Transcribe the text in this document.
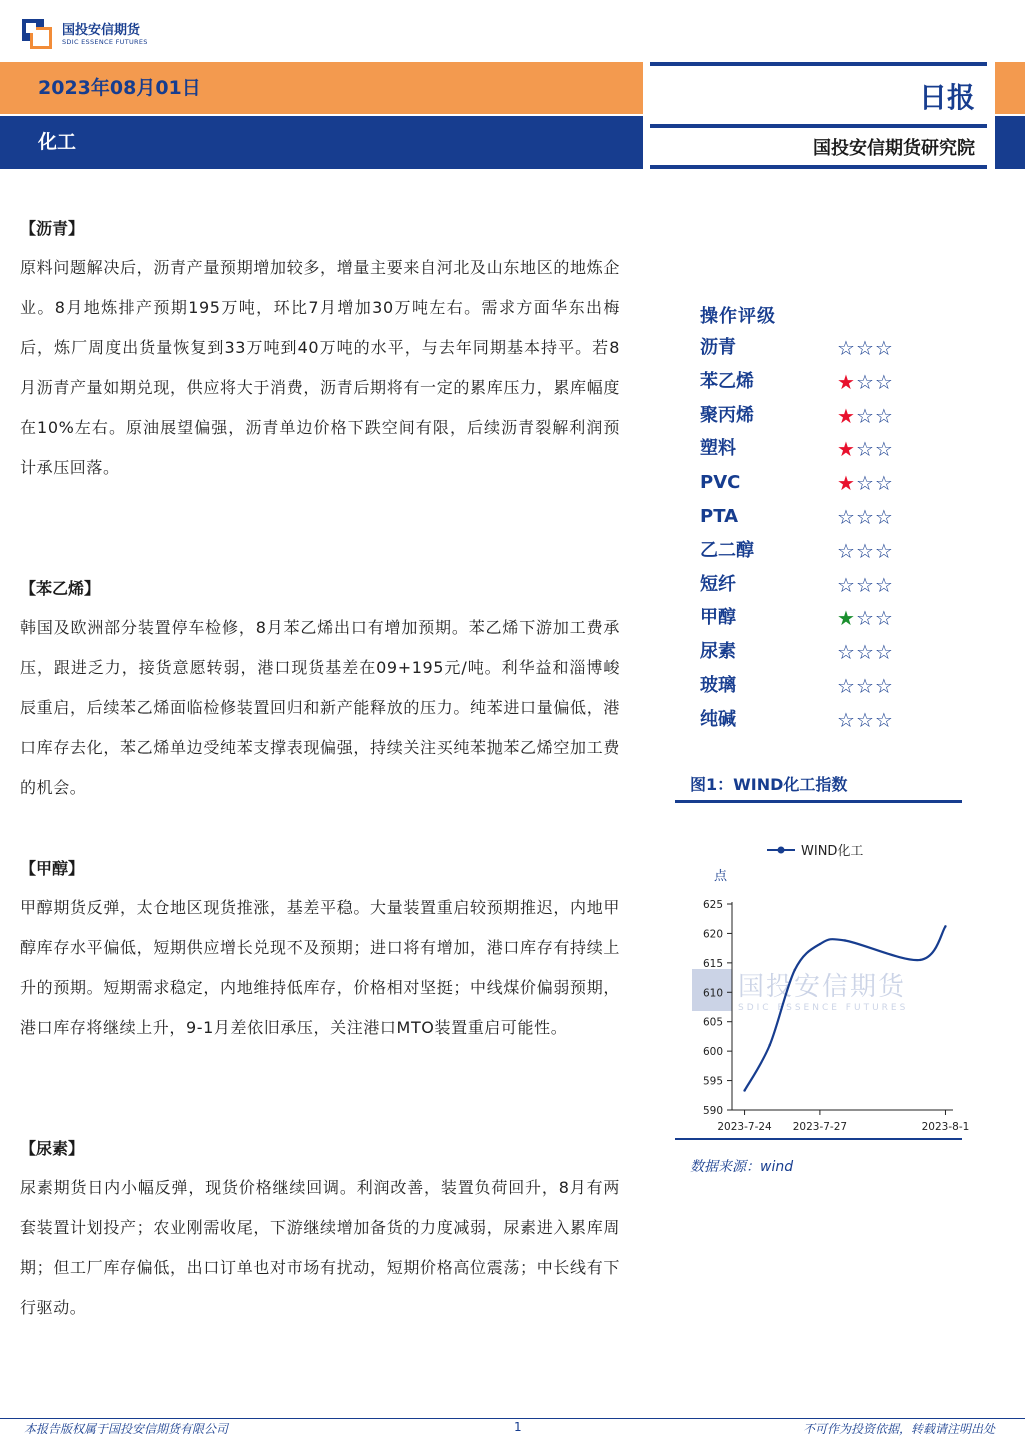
国投安信期货
SDIC ESSENCE FUTURES
2023年08月01日
化工
日报
国投安信期货研究院
【沥青】
原料问题解决后，沥青产量预期增加较多，增量主要来自河北及山东地区的地炼企业。8月地炼排产预期195万吨，环比7月增加30万吨左右。需求方面华东出梅后，炼厂周度出货量恢复到33万吨到40万吨的水平，与去年同期基本持平。若8月沥青产量如期兑现，供应将大于消费，沥青后期将有一定的累库压力，累库幅度在10%左右。原油展望偏强，沥青单边价格下跌空间有限，后续沥青裂解利润预计承压回落。
【苯乙烯】
韩国及欧洲部分装置停车检修，8月苯乙烯出口有增加预期。苯乙烯下游加工费承压，跟进乏力，接货意愿转弱，港口现货基差在09+195元/吨。利华益和淄博峻辰重启，后续苯乙烯面临检修装置回归和新产能释放的压力。纯苯进口量偏低，港口库存去化，苯乙烯单边受纯苯支撑表现偏强，持续关注买纯苯抛苯乙烯空加工费的机会。
【甲醇】
甲醇期货反弹，太仓地区现货推涨，基差平稳。大量装置重启较预期推迟，内地甲醇库存水平偏低，短期供应增长兑现不及预期；进口将有增加，港口库存有持续上升的预期。短期需求稳定，内地维持低库存，价格相对坚挺；中线煤价偏弱预期，港口库存将继续上升，9-1月差依旧承压，关注港口MTO装置重启可能性。
【尿素】
尿素期货日内小幅反弹，现货价格继续回调。利润改善，装置负荷回升，8月有两套装置计划投产；农业刚需收尾，下游继续增加备货的力度减弱，尿素进入累库周期；但工厂库存偏低，出口订单也对市场有扰动，短期价格高位震荡；中长线有下行驱动。
操作评级
沥青	☆☆☆
苯乙烯	★☆☆
聚丙烯	★☆☆
塑料	★☆☆
PVC	★☆☆
PTA	☆☆☆
乙二醇	☆☆☆
短纤	☆☆☆
甲醇	★☆☆
尿素	☆☆☆
玻璃	☆☆☆
纯碱	☆☆☆
图1：WIND化工指数
国投安信期货
SDIC ESSENCE FUTURES
WIND化工
点
590
595
600
605
610
615
620
625
2023-7-24 2023-7-27	2023-8-1
数据来源：wind
本报告版权属于国投安信期货有限公司	1	不可作为投资依据，转载请注明出处
